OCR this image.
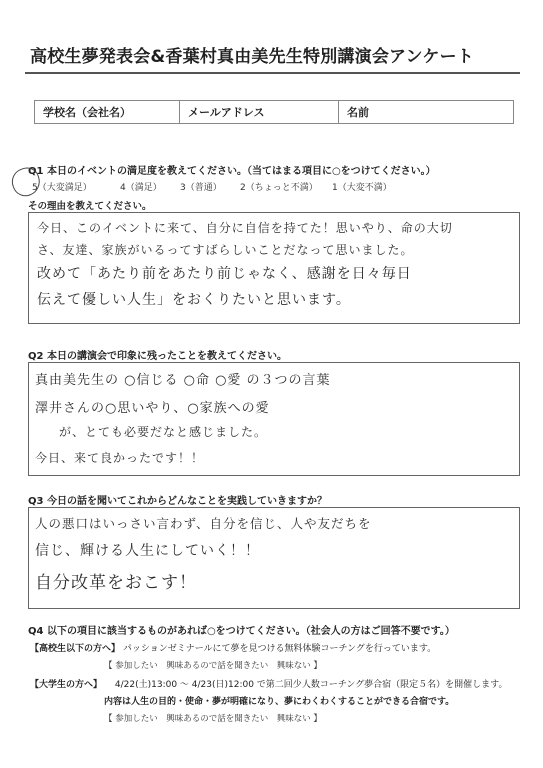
高校生夢発表会&香葉村真由美先生特別講演会アンケート
学校名（会社名）	メールアドレス	名前
Q1 本日のイベントの満足度を教えてください。（当てはまる項目に○をつけてください。）
5（大変満足）	4（満足） 3（普通） 2（ちょっと不満） 1（大変不満）
その理由を教えてください。
今日、このイベントに来て、自分に自信を持てた！思いやり、命の大切
さ、友達、家族がいるってすばらしいことだなって思いました。
改めて「あたり前をあたり前じゃなく、感謝を日々毎日
伝えて優しい人生」をおくりたいと思います。
Q2 本日の講演会で印象に残ったことを教えてください。
真由美先生の ○信じる ○命 ○愛 の３つの言葉
澤井さんの○思いやり、○家族への愛
が、とても必要だなと感じました。
今日、来て良かったです！！
Q3 今日の話を聞いてこれからどんなことを実践していきますか？
人の悪口はいっさい言わず、自分を信じ、人や友だちを
信じ、輝ける人生にしていく！！
自分改革をおこす！
Q4 以下の項目に該当するものがあれば○をつけてください。（社会人の方はご回答不要です。）
【高校生以下の方へ】 パッションゼミナールにて夢を見つける無料体験コーチングを行っています。
【 参加したい　興味あるので話を聞きたい　興味ない 】
【大学生の方へ】 4/22(土)13:00 ～ 4/23(日)12:00 で第二回少人数コーチング夢合宿（限定５名）を開催します。
内容は人生の目的・使命・夢が明確になり、夢にわくわくすることができる合宿です。
【 参加したい　興味あるので話を聞きたい　興味ない 】
